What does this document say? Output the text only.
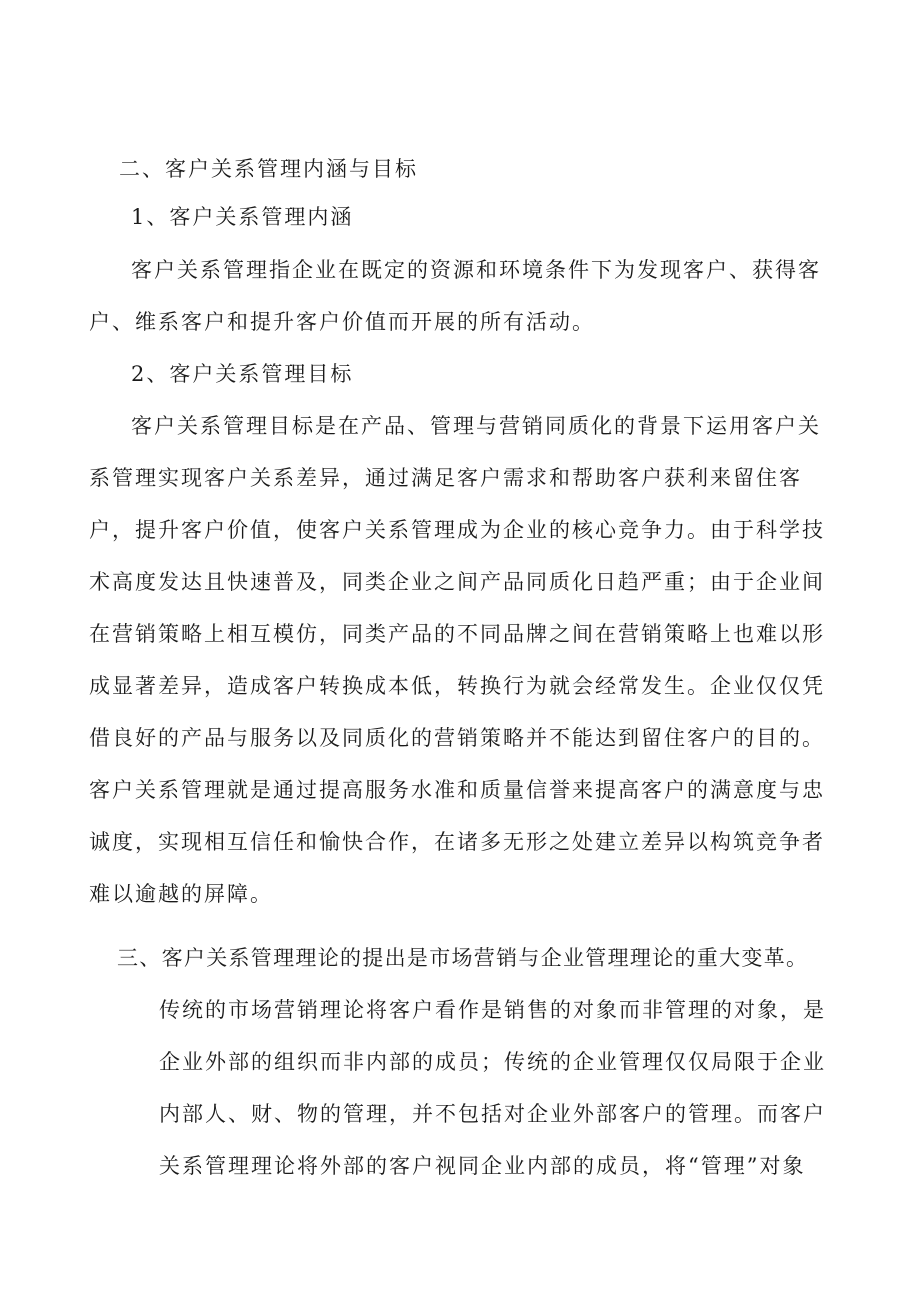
二、客户关系管理内涵与目标
1、客户关系管理内涵
客户关系管理指企业在既定的资源和环境条件下为发现客户、获得客
户、维系客户和提升客户价值而开展的所有活动。
2、客户关系管理目标
客户关系管理目标是在产品、管理与营销同质化的背景下运用客户关
系管理实现客户关系差异，通过满足客户需求和帮助客户获利来留住客
户，提升客户价值，使客户关系管理成为企业的核心竞争力。由于科学技
术高度发达且快速普及，同类企业之间产品同质化日趋严重；由于企业间
在营销策略上相互模仿，同类产品的不同品牌之间在营销策略上也难以形
成显著差异，造成客户转换成本低，转换行为就会经常发生。企业仅仅凭
借良好的产品与服务以及同质化的营销策略并不能达到留住客户的目的。
客户关系管理就是通过提高服务水准和质量信誉来提高客户的满意度与忠
诚度，实现相互信任和愉快合作，在诸多无形之处建立差异以构筑竞争者
难以逾越的屏障。
三、客户关系管理理论的提出是市场营销与企业管理理论的重大变革。
传统的市场营销理论将客户看作是销售的对象而非管理的对象，是
企业外部的组织而非内部的成员；传统的企业管理仅仅局限于企业
内部人、财、物的管理，并不包括对企业外部客户的管理。而客户
关系管理理论将外部的客户视同企业内部的成员，将“管理”对象
